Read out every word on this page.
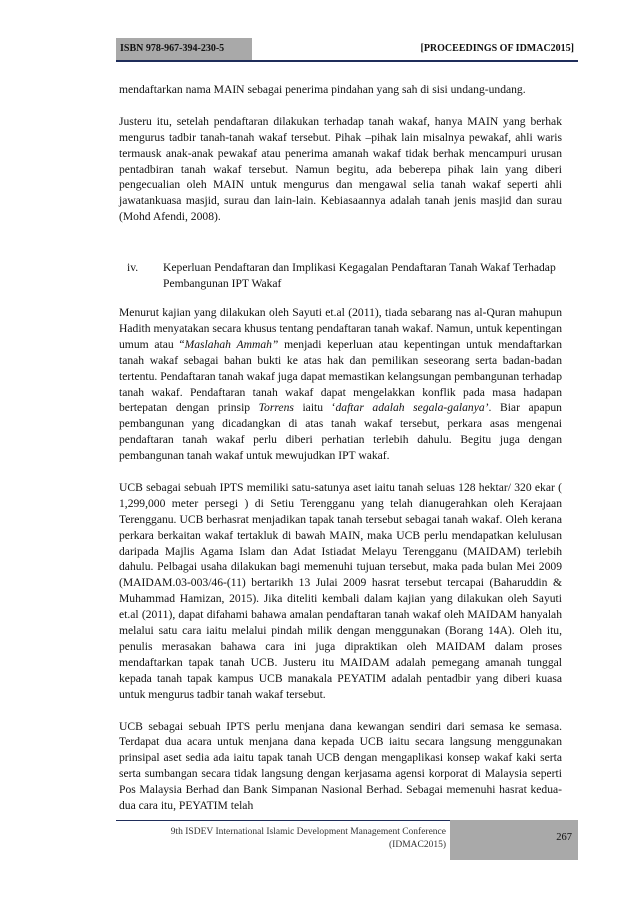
ISBN 978-967-394-230-5	[PROCEEDINGS OF IDMAC2015]

mendaftarkan nama MAIN sebagai penerima pindahan yang sah di sisi undang-undang.

Justeru itu, setelah pendaftaran dilakukan terhadap tanah wakaf, hanya MAIN yang berhak mengurus tadbir tanah-tanah wakaf tersebut. Pihak –pihak lain misalnya pewakaf, ahli waris termausk anak-anak pewakaf atau penerima amanah wakaf tidak berhak mencampuri urusan pentadbiran tanah wakaf tersebut. Namun begitu, ada beberepa pihak lain yang diberi pengecualian oleh MAIN untuk mengurus dan mengawal selia tanah wakaf seperti ahli jawatankuasa masjid, surau dan lain-lain. Kebiasaannya adalah tanah jenis masjid dan surau (Mohd Afendi, 2008).

iv. Keperluan Pendaftaran dan Implikasi Kegagalan Pendaftaran Tanah Wakaf Terhadap Pembangunan IPT Wakaf

Menurut kajian yang dilakukan oleh Sayuti et.al (2011), tiada sebarang nas al-Quran mahupun Hadith menyatakan secara khusus tentang pendaftaran tanah wakaf. Namun, untuk kepentingan umum atau “Maslahah Ammah” menjadi keperluan atau kepentingan untuk mendaftarkan tanah wakaf sebagai bahan bukti ke atas hak dan pemilikan seseorang serta badan-badan tertentu. Pendaftaran tanah wakaf juga dapat memastikan kelangsungan pembangunan terhadap tanah wakaf. Pendaftaran tanah wakaf dapat mengelakkan konflik pada masa hadapan bertepatan dengan prinsip Torrens iaitu ‘daftar adalah segala-galanya’. Biar apapun pembangunan yang dicadangkan di atas tanah wakaf tersebut, perkara asas mengenai pendaftaran tanah wakaf perlu diberi perhatian terlebih dahulu. Begitu juga dengan pembangunan tanah wakaf untuk mewujudkan IPT wakaf.

UCB sebagai sebuah IPTS memiliki satu-satunya aset iaitu tanah seluas 128 hektar/ 320 ekar ( 1,299,000 meter persegi ) di Setiu Terengganu yang telah dianugerahkan oleh Kerajaan Terengganu. UCB berhasrat menjadikan tapak tanah tersebut sebagai tanah wakaf. Oleh kerana perkara berkaitan wakaf tertakluk di bawah MAIN, maka UCB perlu mendapatkan kelulusan daripada Majlis Agama Islam dan Adat Istiadat Melayu Terengganu (MAIDAM) terlebih dahulu. Pelbagai usaha dilakukan bagi memenuhi tujuan tersebut, maka pada bulan Mei 2009 (MAIDAM.03-003/46-(11) bertarikh 13 Julai 2009 hasrat tersebut tercapai (Baharuddin & Muhammad Hamizan, 2015). Jika diteliti kembali dalam kajian yang dilakukan oleh Sayuti et.al (2011), dapat difahami bahawa amalan pendaftaran tanah wakaf oleh MAIDAM hanyalah melalui satu cara iaitu melalui pindah milik dengan menggunakan (Borang 14A). Oleh itu, penulis merasakan bahawa cara ini juga dipraktikan oleh MAIDAM dalam proses mendaftarkan tapak tanah UCB. Justeru itu MAIDAM adalah pemegang amanah tunggal kepada tanah tapak kampus UCB manakala PEYATIM adalah pentadbir yang diberi kuasa untuk mengurus tadbir tanah wakaf tersebut.

UCB sebagai sebuah IPTS perlu menjana dana kewangan sendiri dari semasa ke semasa. Terdapat dua acara untuk menjana dana kepada UCB iaitu secara langsung menggunakan prinsipal aset sedia ada iaitu tapak tanah UCB dengan mengaplikasi konsep wakaf kaki serta serta sumbangan secara tidak langsung dengan kerjasama agensi korporat di Malaysia seperti Pos Malaysia Berhad dan Bank Simpanan Nasional Berhad. Sebagai memenuhi hasrat kedua-dua cara itu, PEYATIM telah

9th ISDEV International Islamic Development Management Conference
(IDMAC2015)
267
